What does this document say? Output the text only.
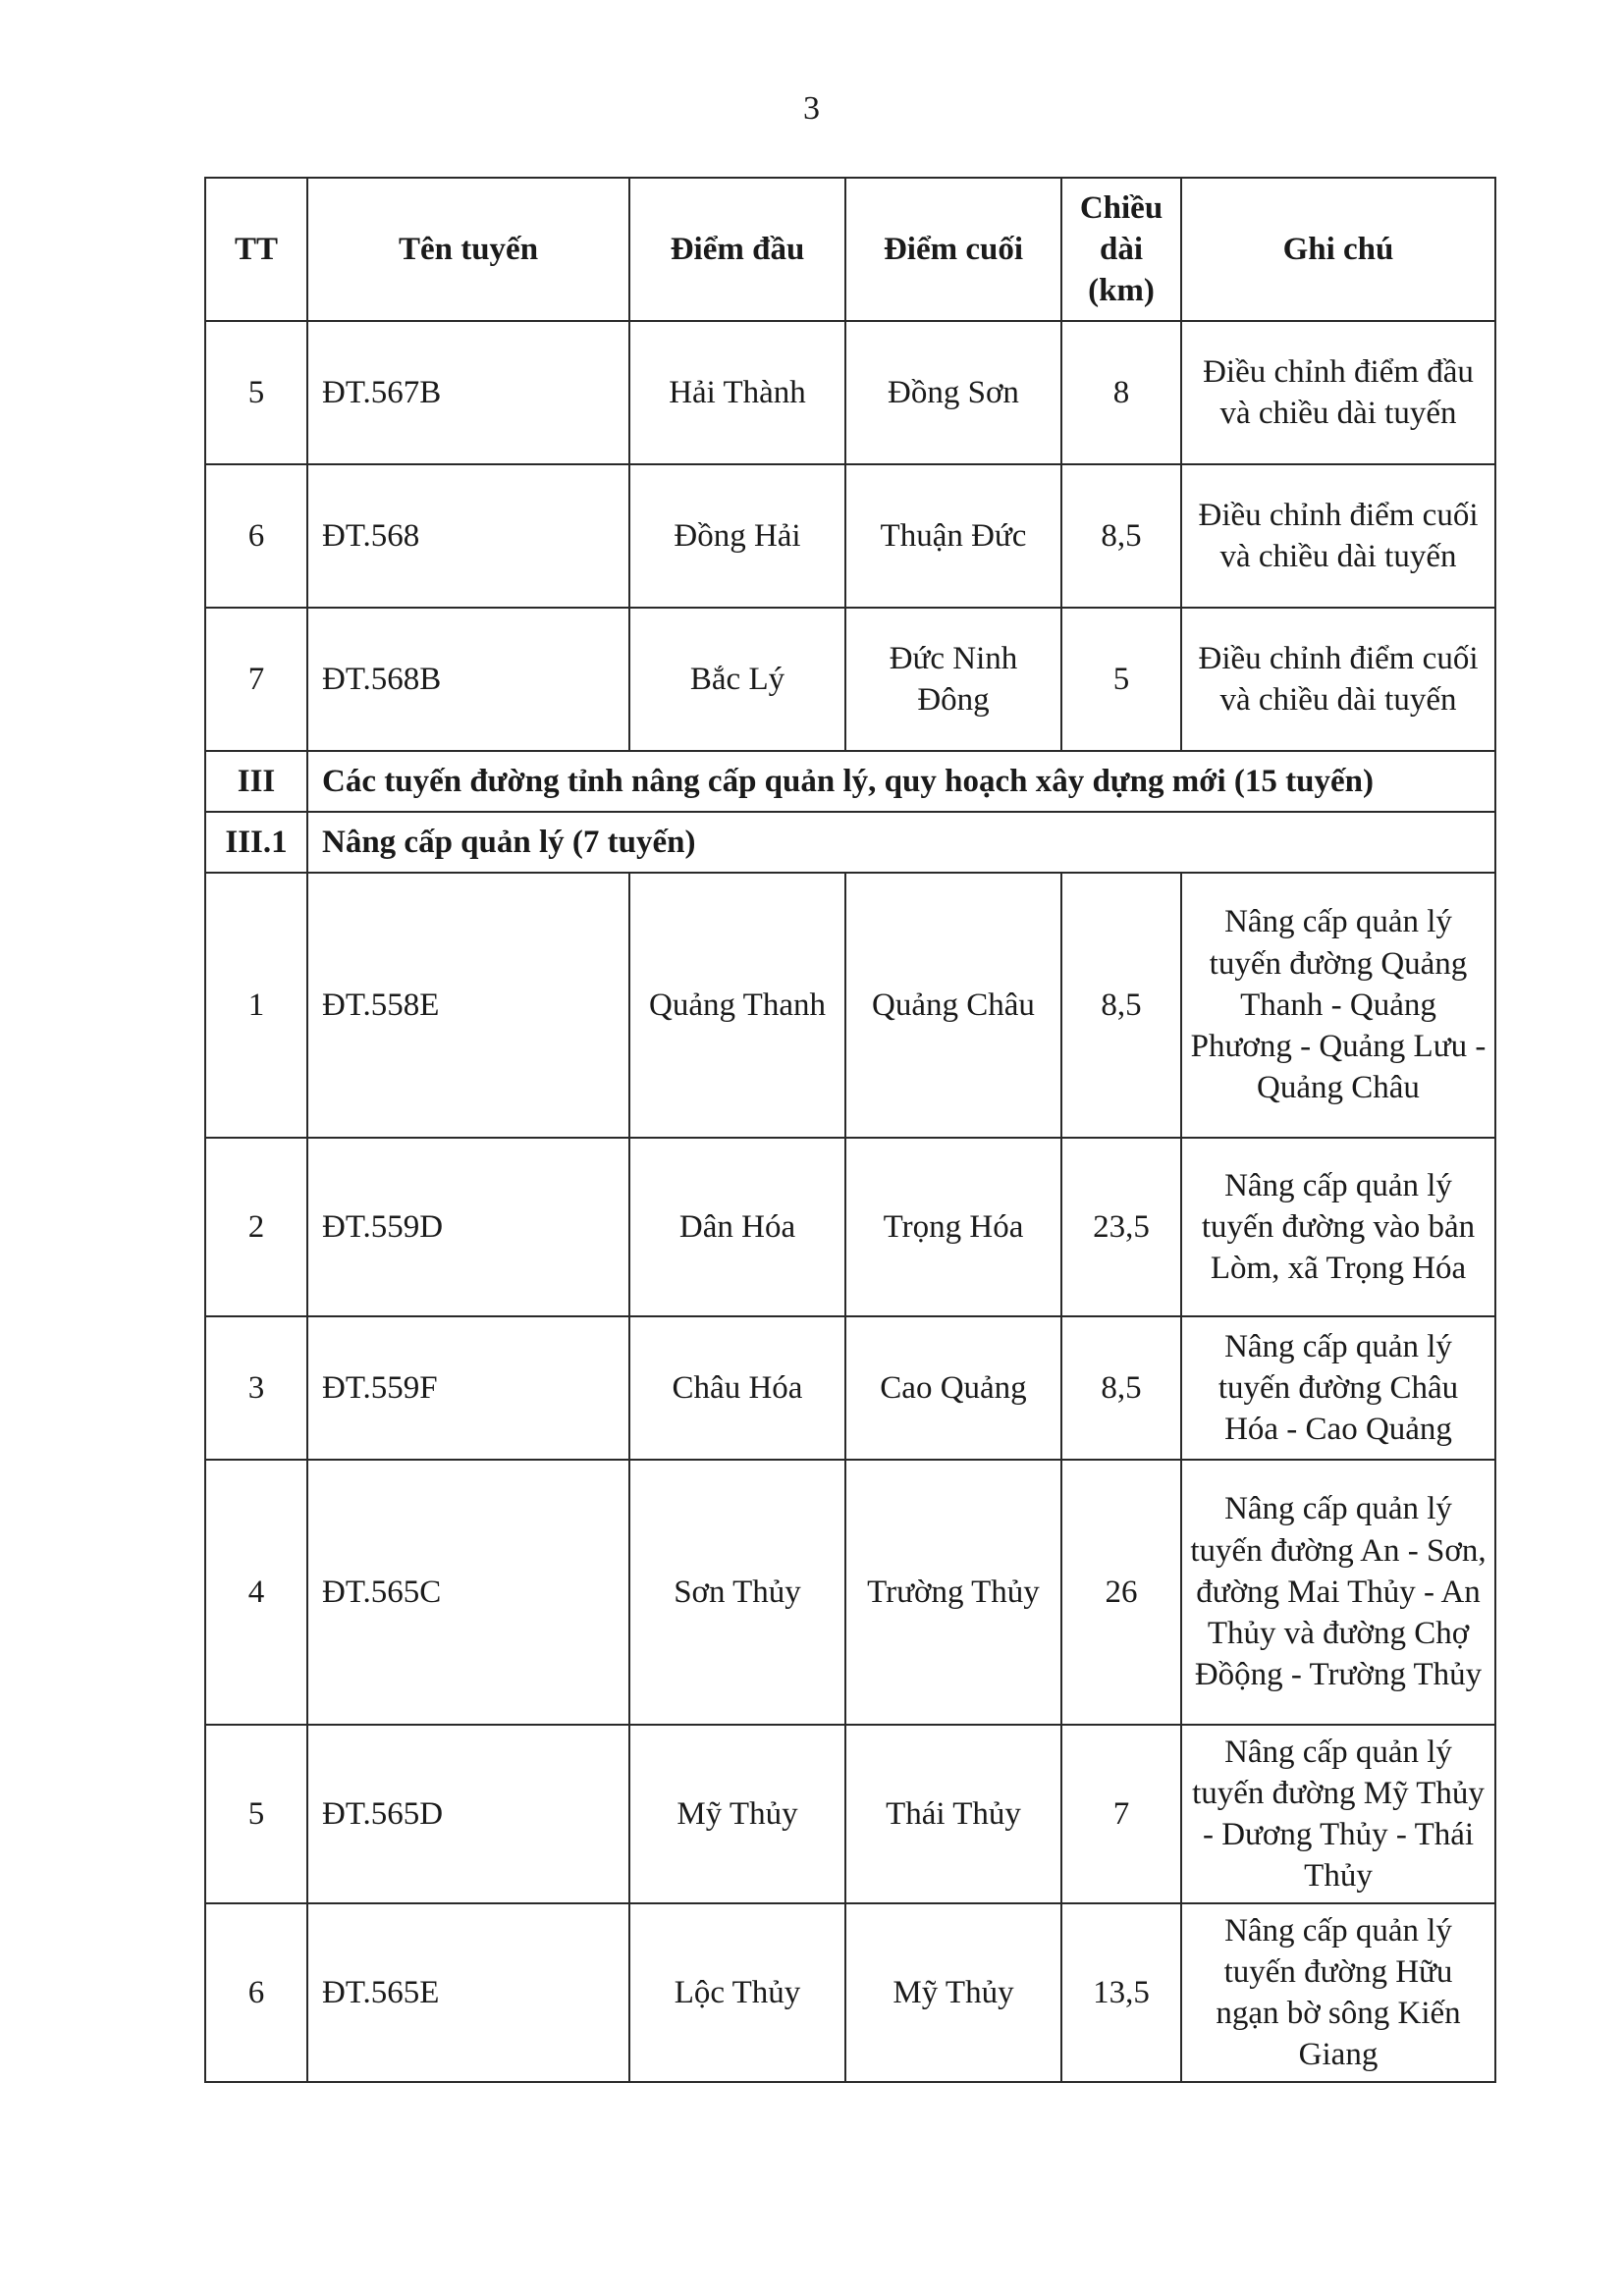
3
TT	Tên tuyến	Điểm đầu	Điểm cuối	Chiều
dài
(km)	Ghi chú
5	ĐT.567B	Hải Thành	Đồng Sơn	8	Điều chỉnh điểm đầu và chiều dài tuyến
6	ĐT.568	Đồng Hải	Thuận Đức	8,5	Điều chỉnh điểm cuối và chiều dài tuyến
7	ĐT.568B	Bắc Lý	Đức Ninh Đông	5	Điều chỉnh điểm cuối và chiều dài tuyến
III	Các tuyến đường tỉnh nâng cấp quản lý, quy hoạch xây dựng mới (15 tuyến)				
III.1	Nâng cấp quản lý (7 tuyến)				
1	ĐT.558E	Quảng Thanh	Quảng Châu	8,5	Nâng cấp quản lý tuyến đường Quảng Thanh - Quảng Phương - Quảng Lưu - Quảng Châu
2	ĐT.559D	Dân Hóa	Trọng Hóa	23,5	Nâng cấp quản lý tuyến đường vào bản Lòm, xã Trọng Hóa
3	ĐT.559F	Châu Hóa	Cao Quảng	8,5	Nâng cấp quản lý tuyến đường Châu Hóa - Cao Quảng
4	ĐT.565C	Sơn Thủy	Trường Thủy	26	Nâng cấp quản lý tuyến đường An - Sơn, đường Mai Thủy - An Thủy và đường Chợ Đồộng - Trường Thủy
5	ĐT.565D	Mỹ Thủy	Thái Thủy	7	Nâng cấp quản lý tuyến đường Mỹ Thủy - Dương Thủy - Thái Thủy
6	ĐT.565E	Lộc Thủy	Mỹ Thủy	13,5	Nâng cấp quản lý tuyến đường Hữu ngạn bờ sông Kiến Giang
